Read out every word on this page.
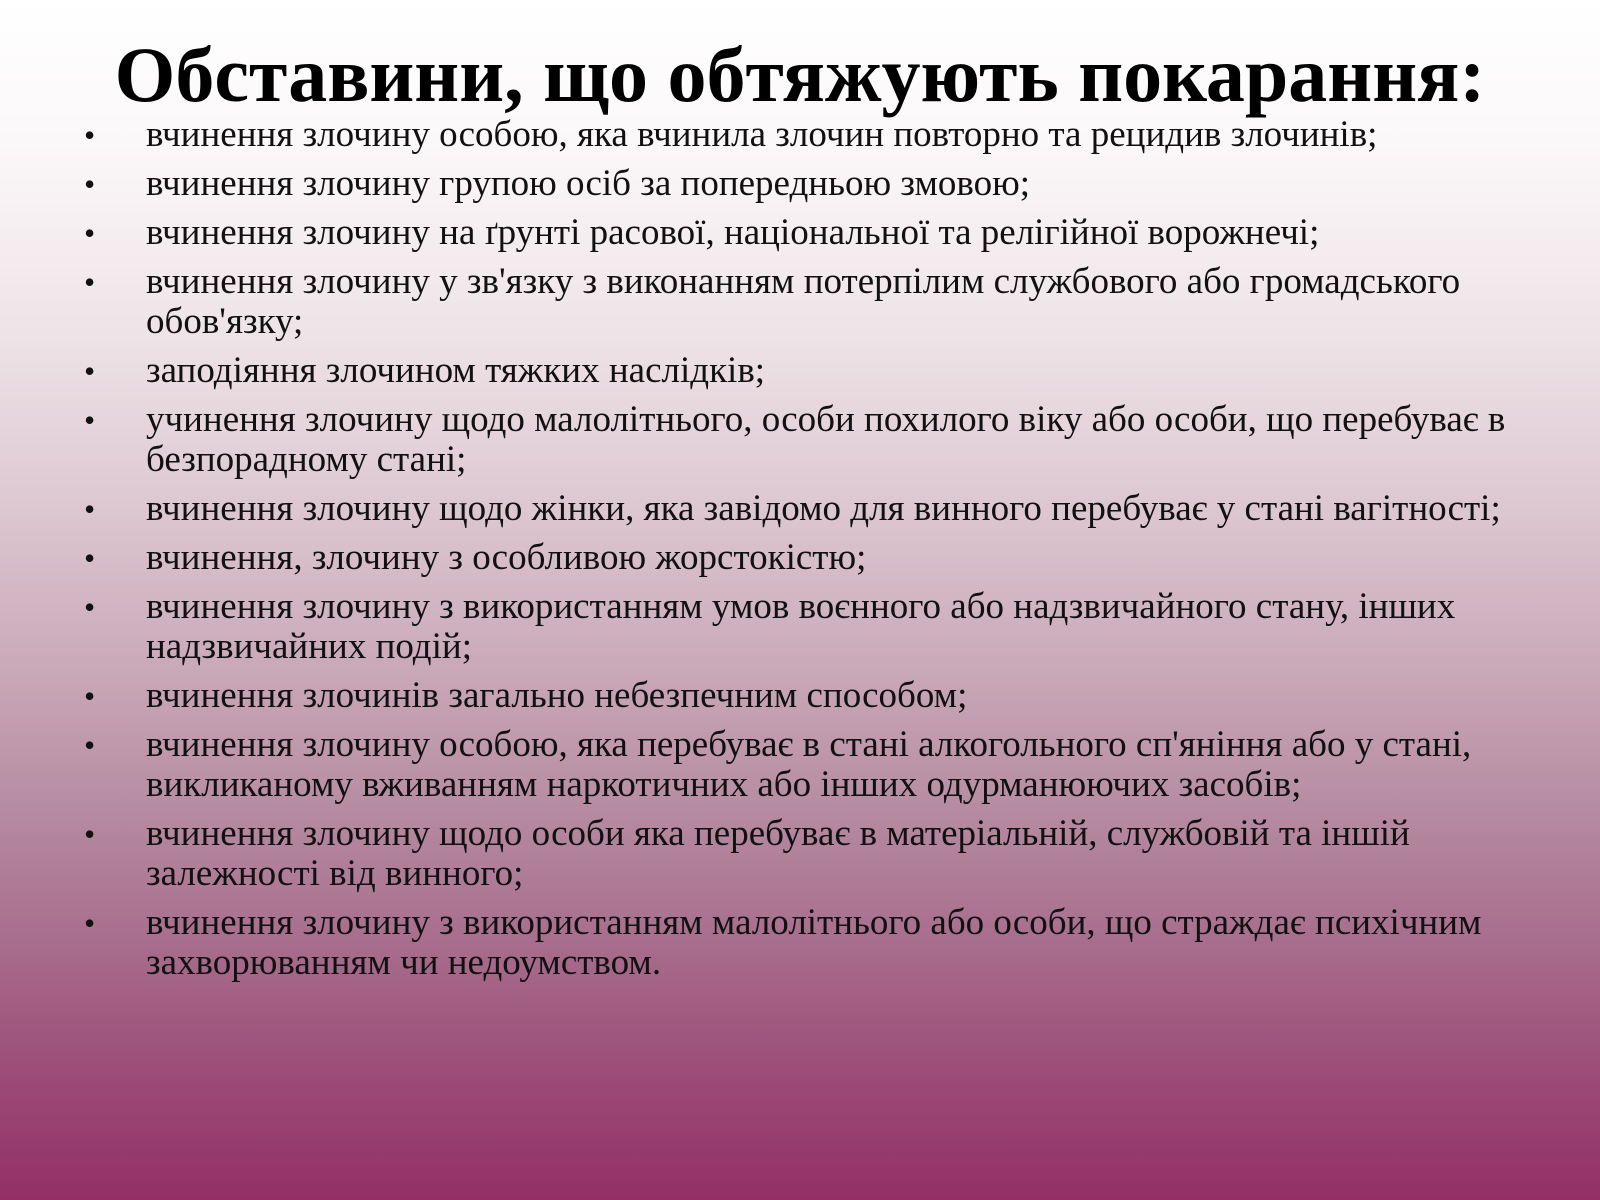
Обставини, що обтяжують покарання:
• вчинення злочину особою, яка вчинила злочин повторно та рецидив злочинів;
• вчинення злочину групою осіб за попередньою змовою;
• вчинення злочину на ґрунті расової, національної та релігійної ворожнечі;
• вчинення злочину у зв'язку з виконанням потерпілим службового або громадського обов'язку;
• заподіяння злочином тяжких наслідків;
• учинення злочину щодо малолітнього, особи похилого віку або особи, що перебуває в безпорадному стані;
• вчинення злочину щодо жінки, яка завідомо для винного перебуває у стані вагітності;
• вчинення, злочину з особливою жорстокістю;
• вчинення злочину з використанням умов воєнного або надзвичайного стану, інших надзвичайних подій;
• вчинення злочинів загально небезпечним способом;
• вчинення злочину особою, яка перебуває в стані алкогольного сп'яніння або у стані, викликаному вживанням наркотичних або інших одурманюючих засобів;
• вчинення злочину щодо особи яка перебуває в матеріальній, службовій та іншій залежності від винного;
• вчинення злочину з використанням малолітнього або особи, що страждає психічним захворюванням чи недоумством.
